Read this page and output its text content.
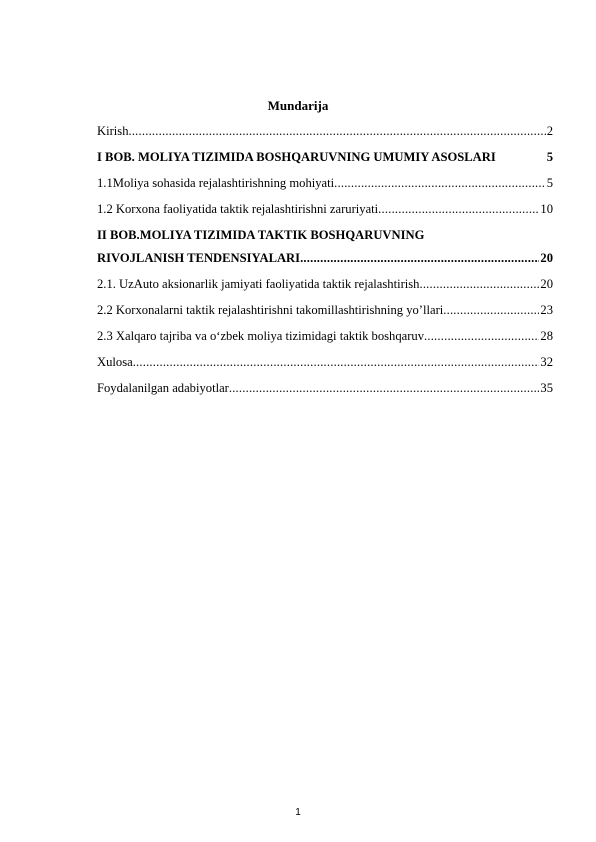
Mundarija
Kirish .....	2
I BOB. MOLIYA TIZIMIDA BOSHQARUVNING UMUMIY ASOSLARI	5
1.1Moliya sohasida rejalashtirishning mohiyati .....	5
1.2 Korxona faoliyatida taktik rejalashtirishni zaruriyati .....	10
II BOB.MOLIYA TIZIMIDA TAKTIK BOSHQARUVNING
RIVOJLANISH TENDENSIYALARI .....	20
2.1. UzAuto aksionarlik jamiyati faoliyatida taktik rejalashtirish .....	20
2.2 Korxonalarni taktik rejalashtirishni takomillashtirishning yo’llari .....	23
2.3 Xalqaro tajriba va o‘zbek moliya tizimidagi taktik boshqaruv .....	28
Xulosa .....	32
Foydalanilgan adabiyotlar .....	35
1
